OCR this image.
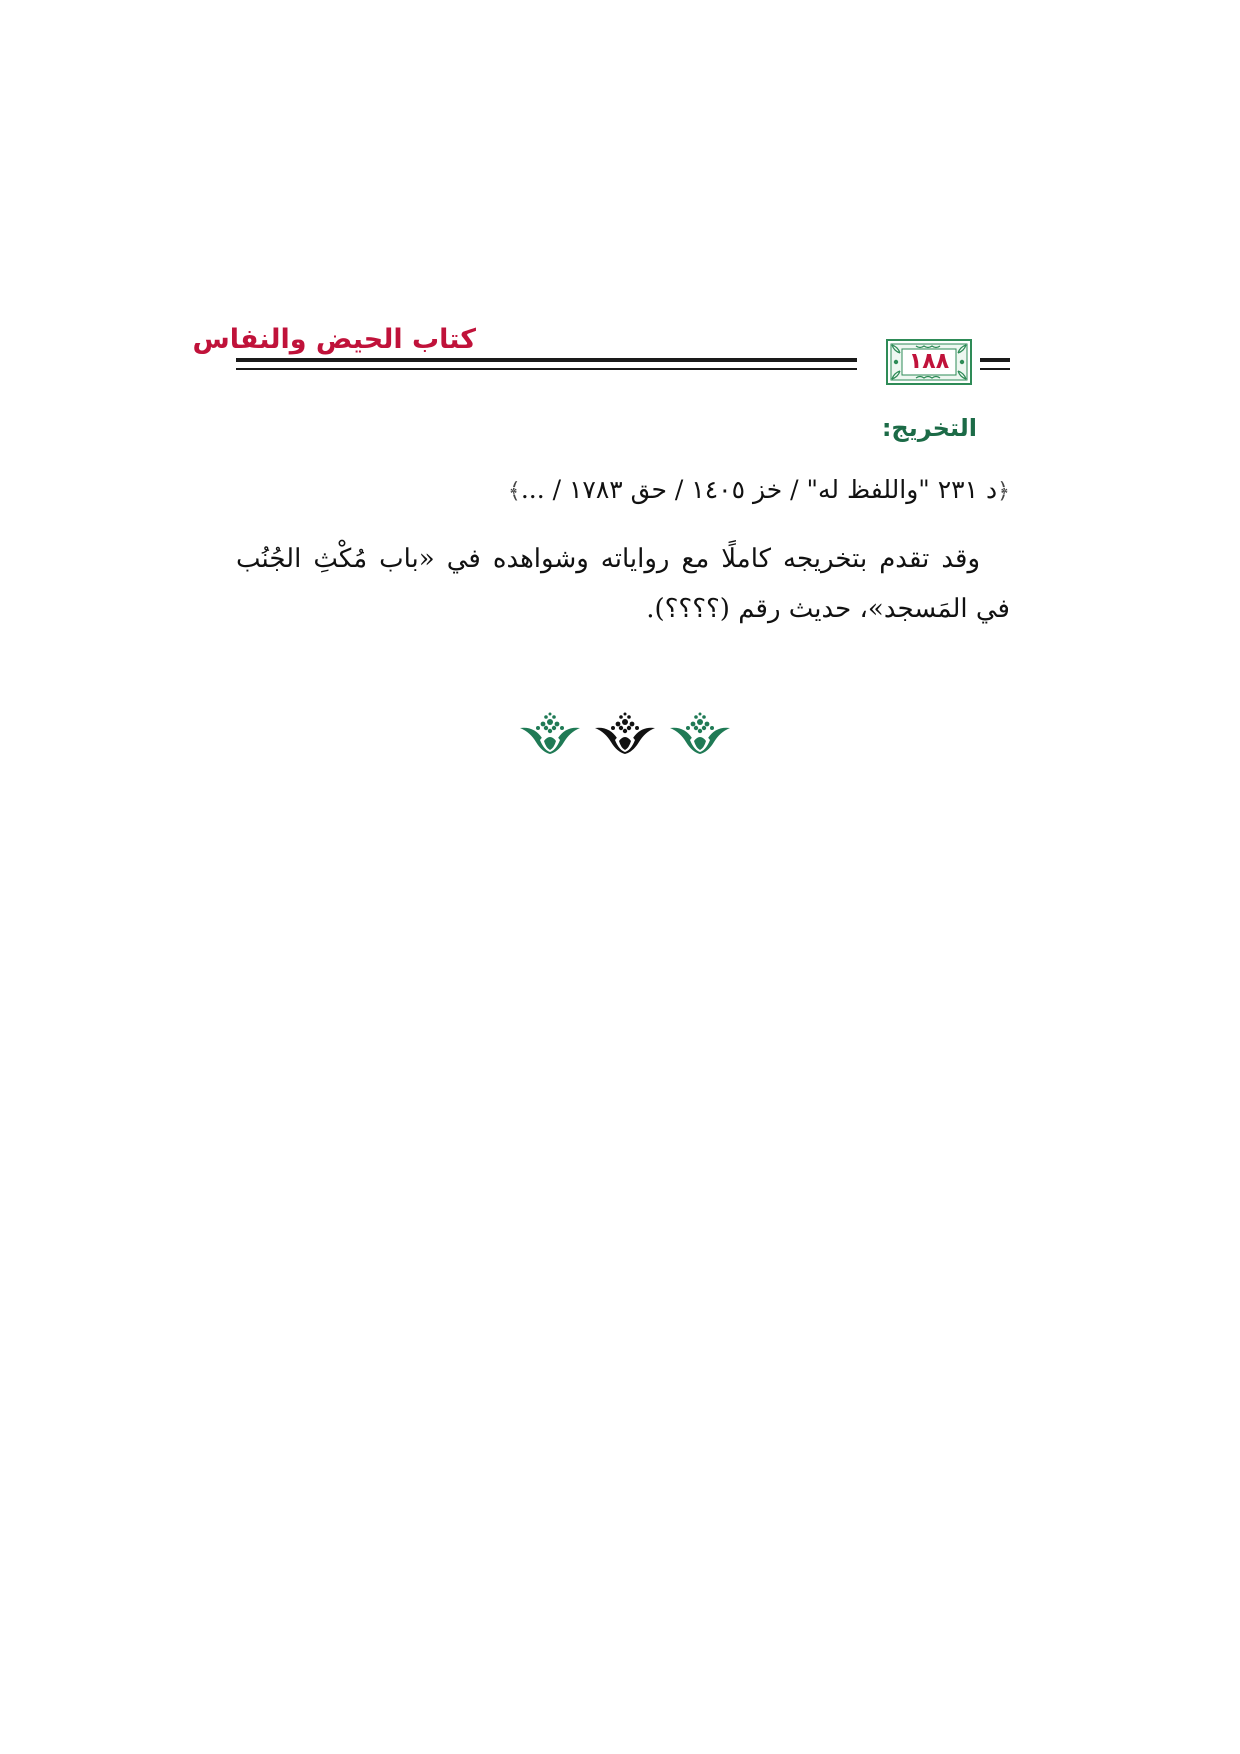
كتاب الحيض والنفاس
١٨٨
التخريج:
﴿د ٢٣١ "واللفظ له" / خز ١٤٠٥ / حق ١٧٨٣ / ...﴾

وقد تقدم بتخريجه كاملًا مع رواياته وشواهده في «باب مُكْثِ الجُنُب في المَسجد»، حديث رقم (؟؟؟؟).
